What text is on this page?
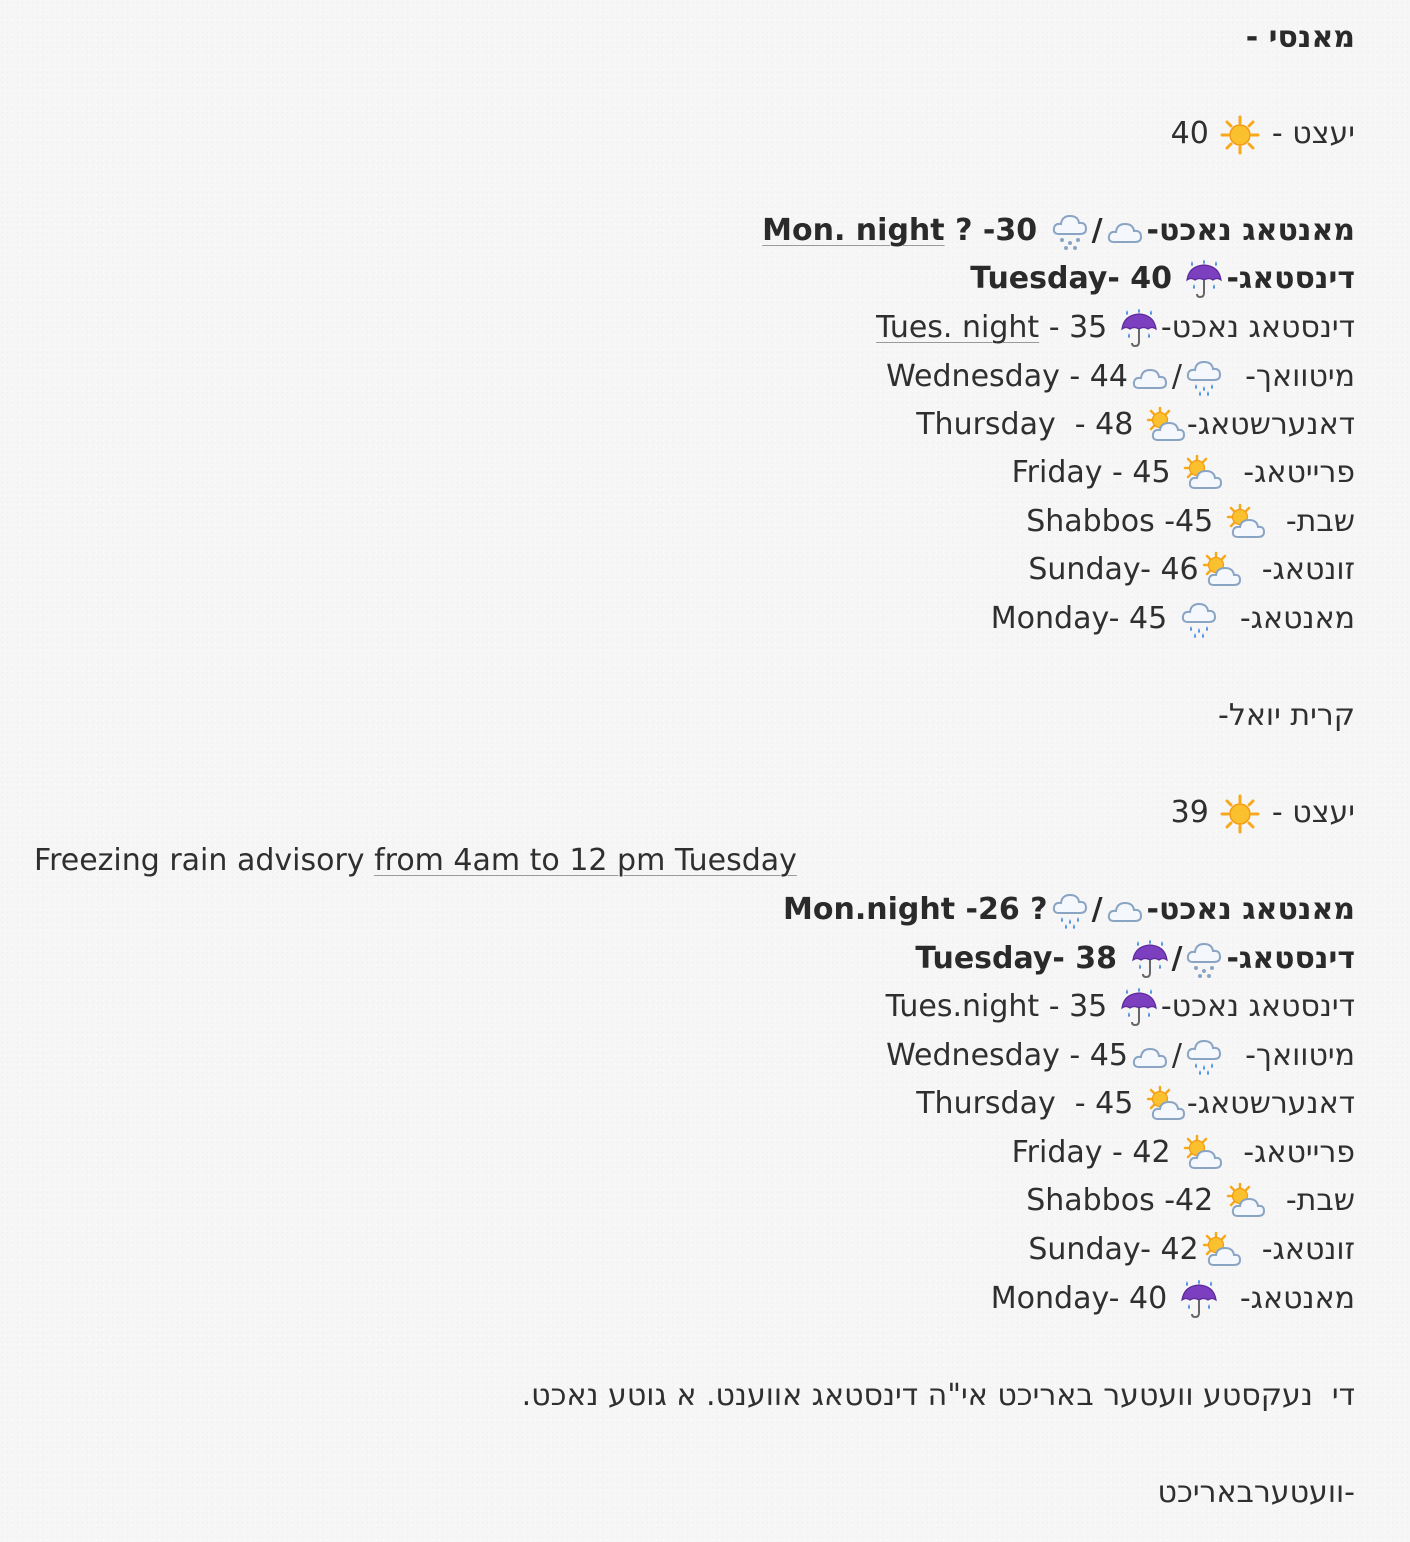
מאנסי -
יעצט -
40
מאנטאג נאכט-
/
Mon. night ? -30
דינסטאג-
Tuesday- 40
דינסטאג נאכט-
Tues. night - 35
מיטוואך-
/
Wednesday - 44
דאנערשטאג-
Thursday  - 48
פרייטאג-
Friday - 45
שבת-
Shabbos -45
זונטאג-
Sunday- 46
מאנטאג-
Monday- 45
קרית יואל-
יעצט -
39
Freezing rain advisory from 4am to 12 pm Tuesday
מאנטאג נאכט-
/
Mon.night -26 ?
דינסטאג-
/
Tuesday- 38
דינסטאג נאכט-
Tues.night - 35
מיטוואך-
/
Wednesday - 45
דאנערשטאג-
Thursday  - 45
פרייטאג-
Friday - 42
שבת-
Shabbos -42
זונטאג-
Sunday- 42
מאנטאג-
Monday- 40
די  נעקסטע וועטער באריכט אי"ה דינסטאג אווענט. א גוטע נאכט.
-וועטערבאריכט
